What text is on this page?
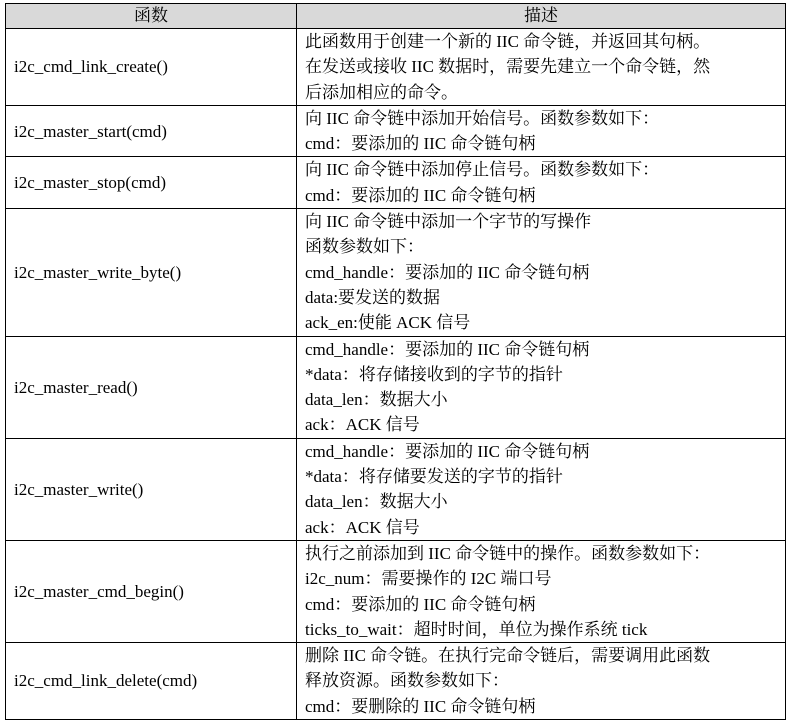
函数	描述
i2c_cmd_link_create()	此函数用于创建一个新的 IIC 命令链，并返回其句柄。
在发送或接收 IIC 数据时，需要先建立一个命令链，然
后添加相应的命令。

i2c_master_start(cmd)	向 IIC 命令链中添加开始信号。函数参数如下：
cmd：要添加的 IIC 命令链句柄

i2c_master_stop(cmd)	向 IIC 命令链中添加停止信号。函数参数如下：
cmd：要添加的 IIC 命令链句柄

i2c_master_write_byte()	向 IIC 命令链中添加一个字节的写操作
函数参数如下：
cmd_handle：要添加的 IIC 命令链句柄
data:要发送的数据
ack_en:使能 ACK 信号

i2c_master_read()	cmd_handle：要添加的 IIC 命令链句柄
*data：将存储接收到的字节的指针
data_len：数据大小
ack：ACK 信号

i2c_master_write()	cmd_handle：要添加的 IIC 命令链句柄
*data：将存储要发送的字节的指针
data_len：数据大小
ack：ACK 信号

i2c_master_cmd_begin()	执行之前添加到 IIC 命令链中的操作。函数参数如下：
i2c_num：需要操作的 I2C 端口号
cmd：要添加的 IIC 命令链句柄
ticks_to_wait：超时时间，单位为操作系统 tick

i2c_cmd_link_delete(cmd)	删除 IIC 命令链。在执行完命令链后，需要调用此函数
释放资源。函数参数如下：
cmd：要删除的 IIC 命令链句柄
